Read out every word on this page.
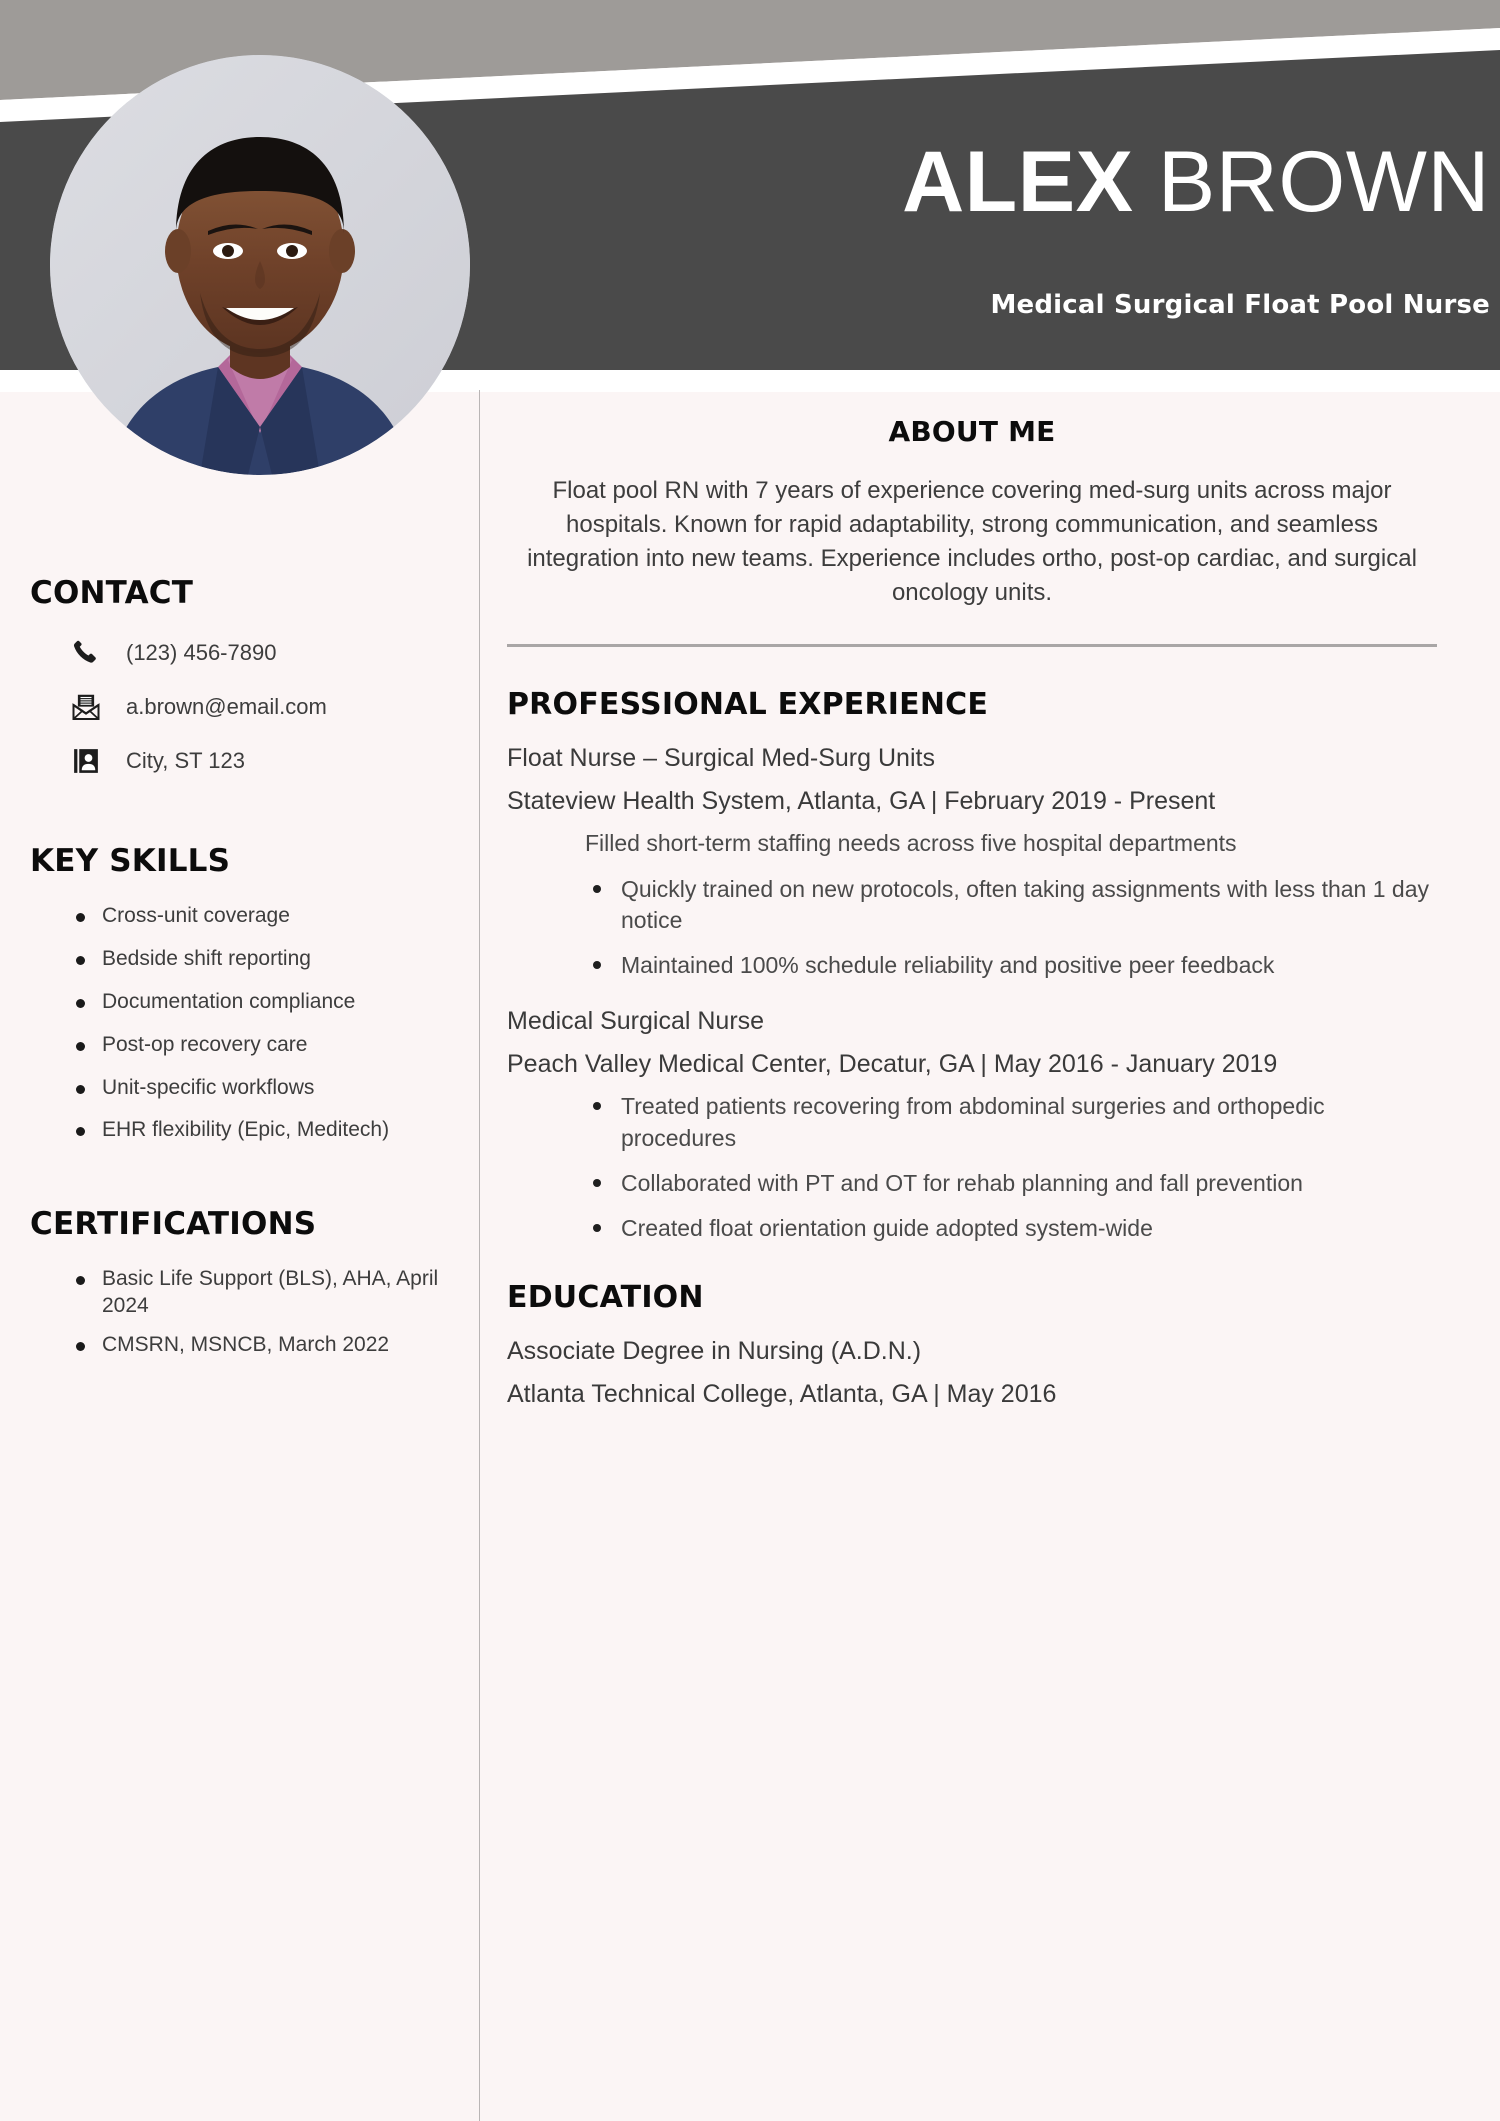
ALEX BROWN
Medical Surgical Float Pool Nurse
CONTACT
(123) 456-7890
a.brown@email.com
City, ST 123
KEY SKILLS
Cross-unit coverage
Bedside shift reporting
Documentation compliance
Post-op recovery care
Unit-specific workflows
EHR flexibility (Epic, Meditech)
CERTIFICATIONS
Basic Life Support (BLS), AHA, April 2024
CMSRN, MSNCB, March 2022
ABOUT ME

Float pool RN with 7 years of experience covering med-surg units across major hospitals. Known for rapid adaptability, strong communication, and seamless integration into new teams. Experience includes ortho, post-op cardiac, and surgical oncology units.

PROFESSIONAL EXPERIENCE
Float Nurse – Surgical Med-Surg Units
Stateview Health System, Atlanta, GA | February 2019 - Present
Filled short-term staffing needs across five hospital departments
Quickly trained on new protocols, often taking assignments with less than 1 day notice
Maintained 100% schedule reliability and positive peer feedback
Medical Surgical Nurse
Peach Valley Medical Center, Decatur, GA | May 2016 - January 2019
Treated patients recovering from abdominal surgeries and orthopedic procedures
Collaborated with PT and OT for rehab planning and fall prevention
Created float orientation guide adopted system-wide
EDUCATION
Associate Degree in Nursing (A.D.N.)
Atlanta Technical College, Atlanta, GA | May 2016
